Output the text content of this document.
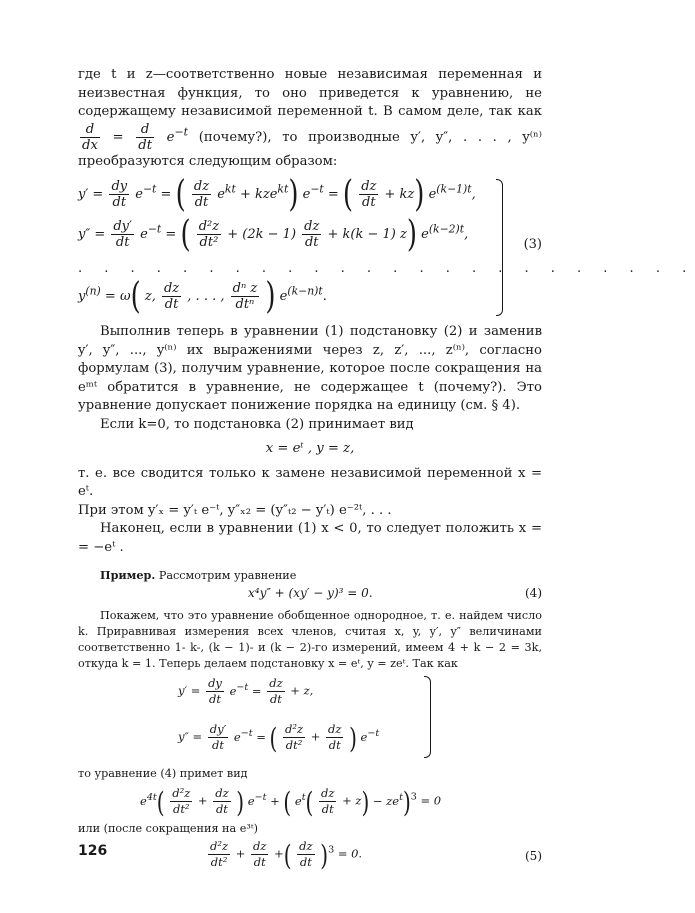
где t и z—соответственно новые независимая переменная и неизвестная функция, то оно приведется к уравнению, не содержащему независимой переменной t. В самом деле, так как
$\frac{d}{dx} = \frac{d}{dt} e^{-t}$ (почему?), то производные y′, y″, . . . , y⁽ⁿ⁾ преобразуются следующим образом:

$y' = \frac{dy}{dt} e^{-t}$ = ( $\frac{dz}{dt} e^{kt} + kze^{kt}$) $e^{-t}$ = ( $\frac{dz}{dt} + kz$) $e^{(k-1)t}$,
$y'' = \frac{dy'}{dt} e^{-t}$ = ( $\frac{\text{d²z}}{\text{dt²}} + (2k - 1) \frac{dz}{dt} + k(k - 1)$ z) $e^{(k-2)t}$,
. . . . . . . . . . . . . . . . . . . . . . . .
$y^{(n)} = \omega$( z, $\frac{dz}{dt}$ , . . . , $\frac{\text{dⁿ z}}{\text{dtⁿ}}$ ) $e^{(k-n)t}$.
(3)

Выполнив теперь в уравнении (1) подстановку (2) и заменив y′, y″, ..., y⁽ⁿ⁾ их выражениями через z, z′, ..., z⁽ⁿ⁾, согласно формулам (3), получим уравнение, которое после сокращения на eᵐᵗ обратится в уравнение, не содержащее t (почему?). Это уравнение допускает понижение порядка на единицу (см. § 4).

Если k=0, то подстановка (2) принимает вид

x = eᵗ , y = z,

т. е. все сводится только к замене независимой переменной x = eᵗ.

При этом y′ₓ = y′ₜ e⁻ᵗ, y″ₓ₂ = (y″ₜ₂ − y′ₜ) e⁻²ᵗ, . . .

Наконец, если в уравнении (1) x < 0, то следует положить x = = −eᵗ .

Пример. Рассмотрим уравнение

x⁴y″ + (xy′ − y)³ = 0.	(4)

Покажем, что это уравнение обобщенное однородное, т. е. найдем число k. Приравнивая измерения всех членов, считая x, y, y′, y″ величинами соответственно 1- k-, (k − 1)- и (k − 2)-го измерений, имеем 4 + k − 2 = 3k, откуда k = 1. Теперь делаем подстановку x = eᵗ, y = zeᵗ. Так как

$y' = \frac{dy}{dt} e^{-t} = \frac{dz}{dt} + z$,
$y'' = \frac{dy'}{dt} e^{-t}$ = ( $\frac{\text{d²z}}{\text{dt²}} + \frac{dz}{dt}$ ) $e^{-t}$

то уравнение (4) примет вид

$e^{4t}( \frac{\text{d²z}}{\text{dt²}} + \frac{dz}{dt}$ ) $e^{-t}$ + ( $e^t( \frac{dz}{dt} + z) - ze^t)^3 = 0$

или (после сокращения на e³ᵗ)

$\frac{\text{d²z}}{\text{dt²}} + \frac{dz}{dt}$ +( $\frac{dz}{dt} )^3 = 0$.	(5)
126
